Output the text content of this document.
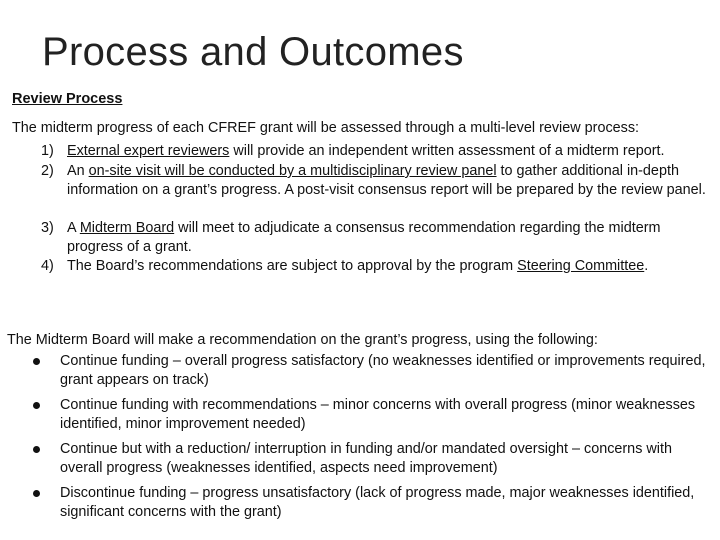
Process and Outcomes
Review Process
The midterm progress of each CFREF grant will be assessed through a multi-level review process:
1) External expert reviewers will provide an independent written assessment of a midterm report.
2) An on-site visit will be conducted by a multidisciplinary review panel to gather additional in-depth information on a grant’s progress. A post-visit consensus report will be prepared by the review panel.
3) A Midterm Board will meet to adjudicate a consensus recommendation regarding the midterm progress of a grant.
4) The Board’s recommendations are subject to approval by the program Steering Committee.
The Midterm Board will make a recommendation on the grant’s progress, using the following:
Continue funding – overall progress satisfactory (no weaknesses identified or improvements required, grant appears on track)
Continue funding with recommendations – minor concerns with overall progress (minor weaknesses identified, minor improvement needed)
Continue but with a reduction/ interruption in funding and/or mandated oversight – concerns with overall progress (weaknesses identified, aspects need improvement)
Discontinue funding – progress unsatisfactory (lack of progress made, major weaknesses identified, significant concerns with the grant)
